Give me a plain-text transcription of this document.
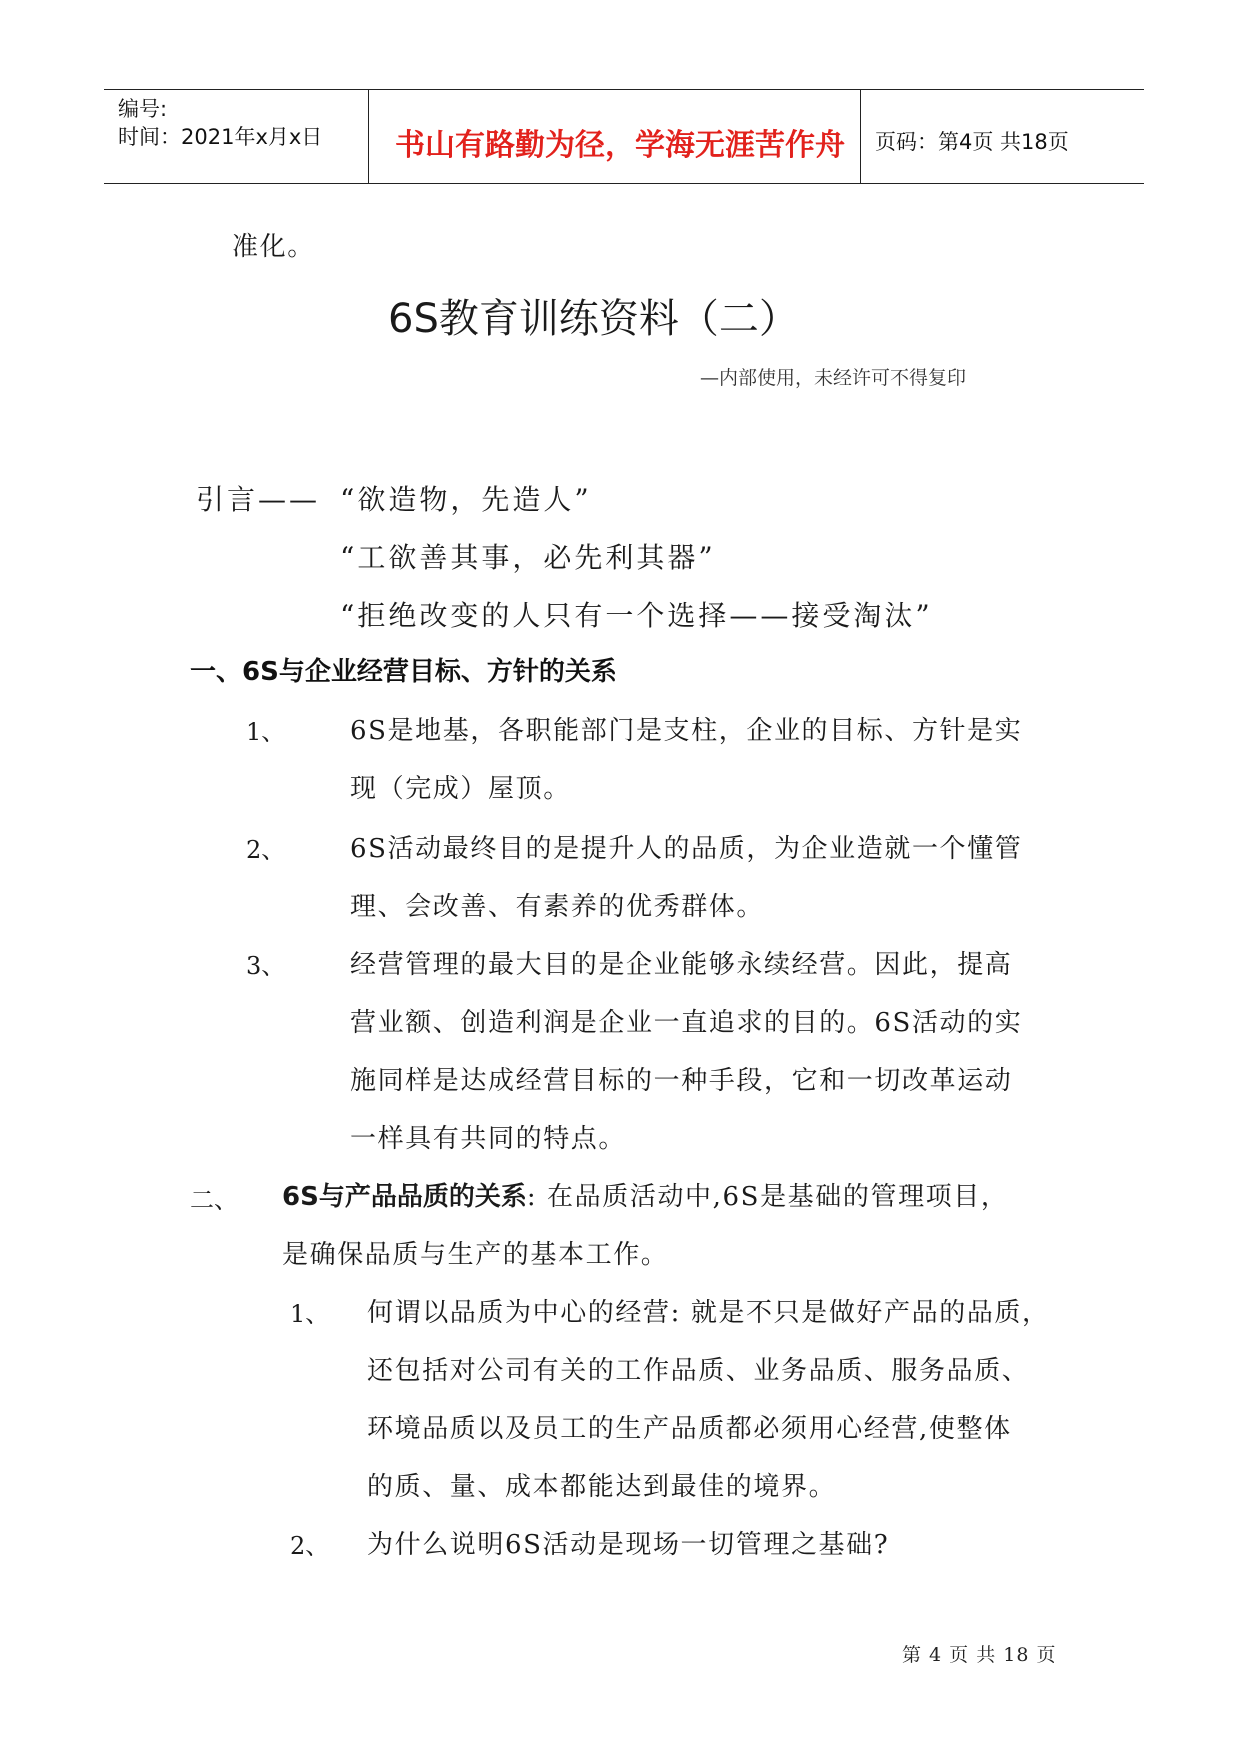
编号:
时间：2021年x月x日 书山有路勤为径，学海无涯苦作舟 页码：第4页 共18页
准化。
6S教育训练资料（二）
—内部使用，未经许可不得复印
引言—— “欲造物，先造人”
“工欲善其事，必先利其器”
“拒绝改变的人只有一个选择——接受淘汰”
一、6S与企业经营目标、方针的关系
1、 6S是地基，各职能部门是支柱，企业的目标、方针是实
现（完成）屋顶。
2、 6S活动最终目的是提升人的品质，为企业造就一个懂管
理、会改善、有素养的优秀群体。
3、 经营管理的最大目的是企业能够永续经营。因此，提高
营业额、创造利润是企业一直追求的目的。6S活动的实
施同样是达成经营目标的一种手段，它和一切改革运动
一样具有共同的特点。
二、 6S与产品品质的关系: 在品质活动中,6S是基础的管理项目，
是确保品质与生产的基本工作。
1、 何谓以品质为中心的经营: 就是不只是做好产品的品质，
还包括对公司有关的工作品质、业务品质、服务品质、
环境品质以及员工的生产品质都必须用心经营,使整体
的质、量、成本都能达到最佳的境界。
2、 为什么说明6S活动是现场一切管理之基础?
第 4 页 共 18 页
